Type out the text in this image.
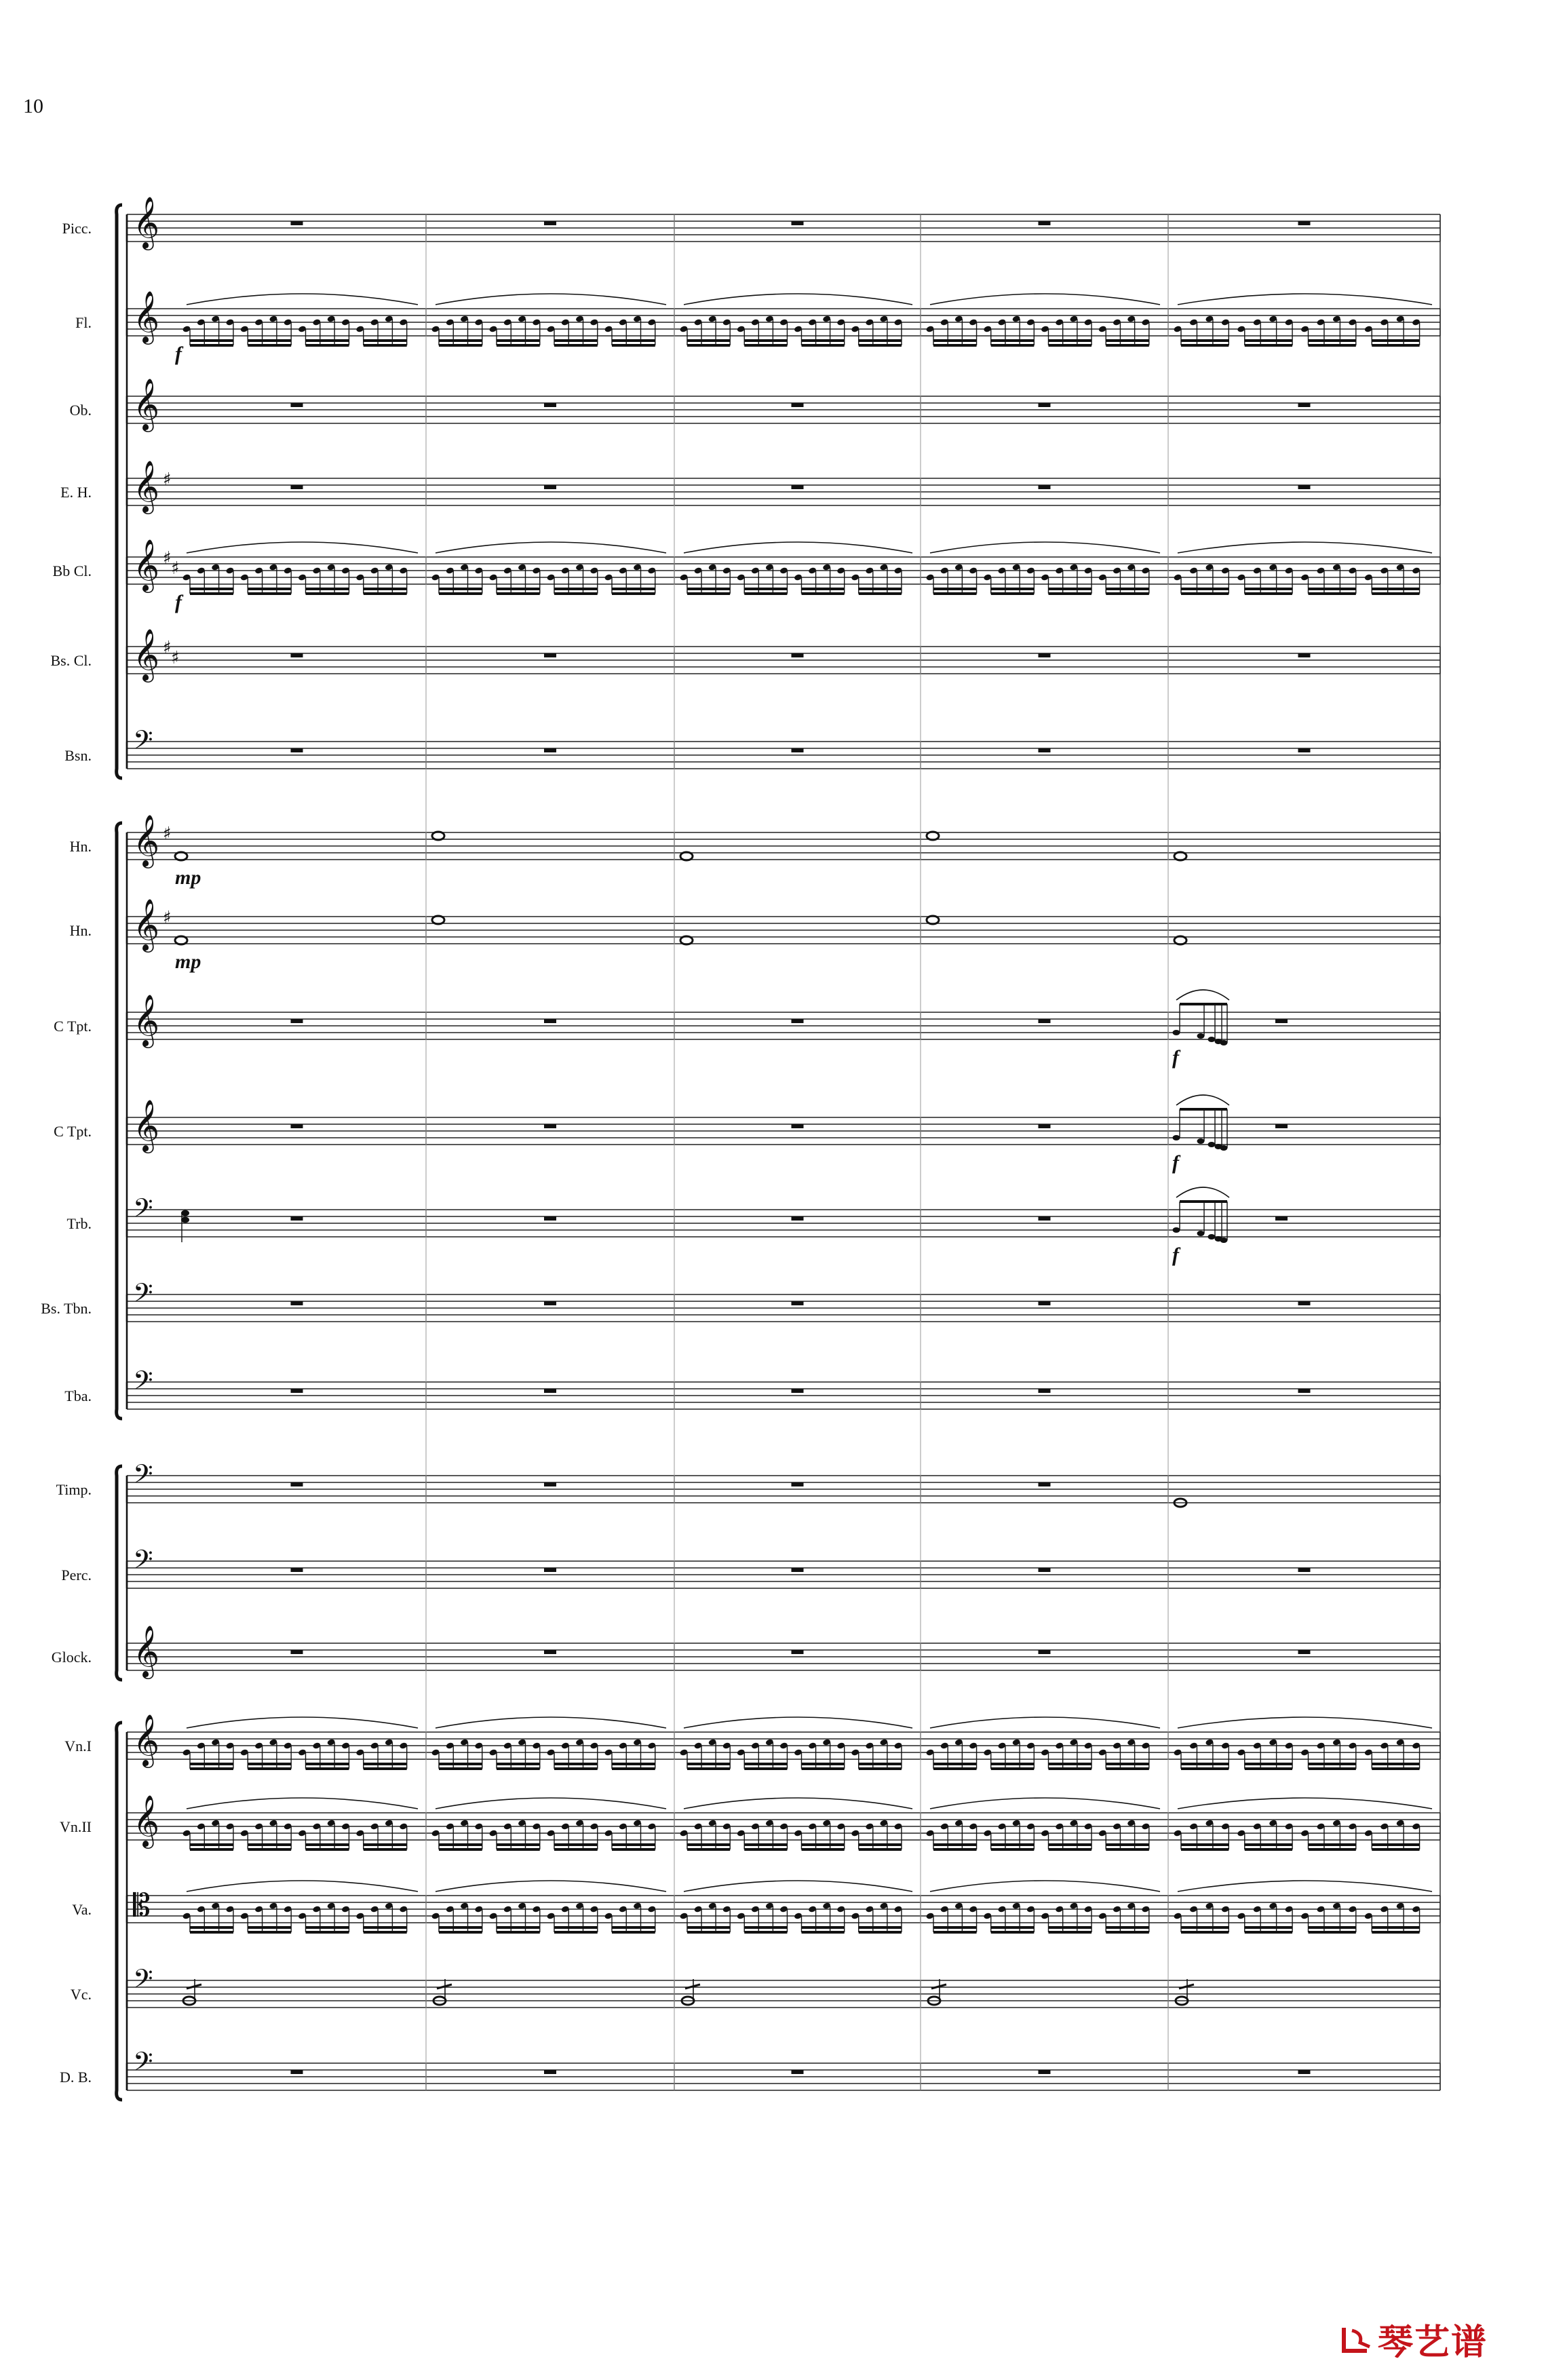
10
Picc.
Fl.
Ob.
E. H.
Bb Cl.
Bs. Cl.
Bsn.
Hn.
Hn.
C Tpt.
C Tpt.
Trb.
Bs. Tbn.
Tba.
Timp.
Perc.
Glock.
Vn.I
Vn.II
Va.
Vc.
D. B.
𝄞
𝄞
𝄞
𝄞 ♯
𝄞 ♯ ♯
𝄞 ♯ ♯
𝄢
𝄞 ♯
𝄞 ♯
𝄞
𝄞
𝄢
𝄢
𝄢
𝄢
𝄢
𝄞
𝄞
𝄞
𝄡
𝄢
𝄢
f
f
mp
mp
f
f
f
琴艺谱
